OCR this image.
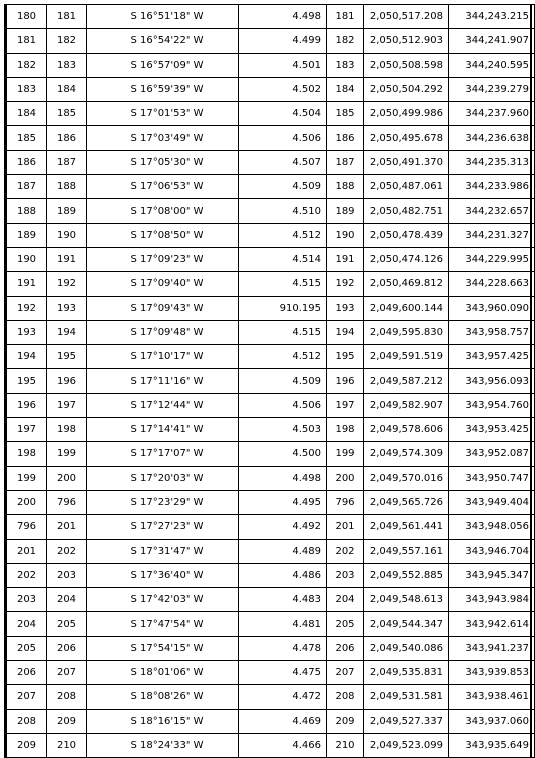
180	181	S 16°51'18" W	4.498	181	2,050,517.208	344,243.215
181	182	S 16°54'22" W	4.499	182	2,050,512.903	344,241.907
182	183	S 16°57'09" W	4.501	183	2,050,508.598	344,240.595
183	184	S 16°59'39" W	4.502	184	2,050,504.292	344,239.279
184	185	S 17°01'53" W	4.504	185	2,050,499.986	344,237.960
185	186	S 17°03'49" W	4.506	186	2,050,495.678	344,236.638
186	187	S 17°05'30" W	4.507	187	2,050,491.370	344,235.313
187	188	S 17°06'53" W	4.509	188	2,050,487.061	344,233.986
188	189	S 17°08'00" W	4.510	189	2,050,482.751	344,232.657
189	190	S 17°08'50" W	4.512	190	2,050,478.439	344,231.327
190	191	S 17°09'23" W	4.514	191	2,050,474.126	344,229.995
191	192	S 17°09'40" W	4.515	192	2,050,469.812	344,228.663
192	193	S 17°09'43" W	910.195	193	2,049,600.144	343,960.090
193	194	S 17°09'48" W	4.515	194	2,049,595.830	343,958.757
194	195	S 17°10'17" W	4.512	195	2,049,591.519	343,957.425
195	196	S 17°11'16" W	4.509	196	2,049,587.212	343,956.093
196	197	S 17°12'44" W	4.506	197	2,049,582.907	343,954.760
197	198	S 17°14'41" W	4.503	198	2,049,578.606	343,953.425
198	199	S 17°17'07" W	4.500	199	2,049,574.309	343,952.087
199	200	S 17°20'03" W	4.498	200	2,049,570.016	343,950.747
200	796	S 17°23'29" W	4.495	796	2,049,565.726	343,949.404
796	201	S 17°27'23" W	4.492	201	2,049,561.441	343,948.056
201	202	S 17°31'47" W	4.489	202	2,049,557.161	343,946.704
202	203	S 17°36'40" W	4.486	203	2,049,552.885	343,945.347
203	204	S 17°42'03" W	4.483	204	2,049,548.613	343,943.984
204	205	S 17°47'54" W	4.481	205	2,049,544.347	343,942.614
205	206	S 17°54'15" W	4.478	206	2,049,540.086	343,941.237
206	207	S 18°01'06" W	4.475	207	2,049,535.831	343,939.853
207	208	S 18°08'26" W	4.472	208	2,049,531.581	343,938.461
208	209	S 18°16'15" W	4.469	209	2,049,527.337	343,937.060
209	210	S 18°24'33" W	4.466	210	2,049,523.099	343,935.649
